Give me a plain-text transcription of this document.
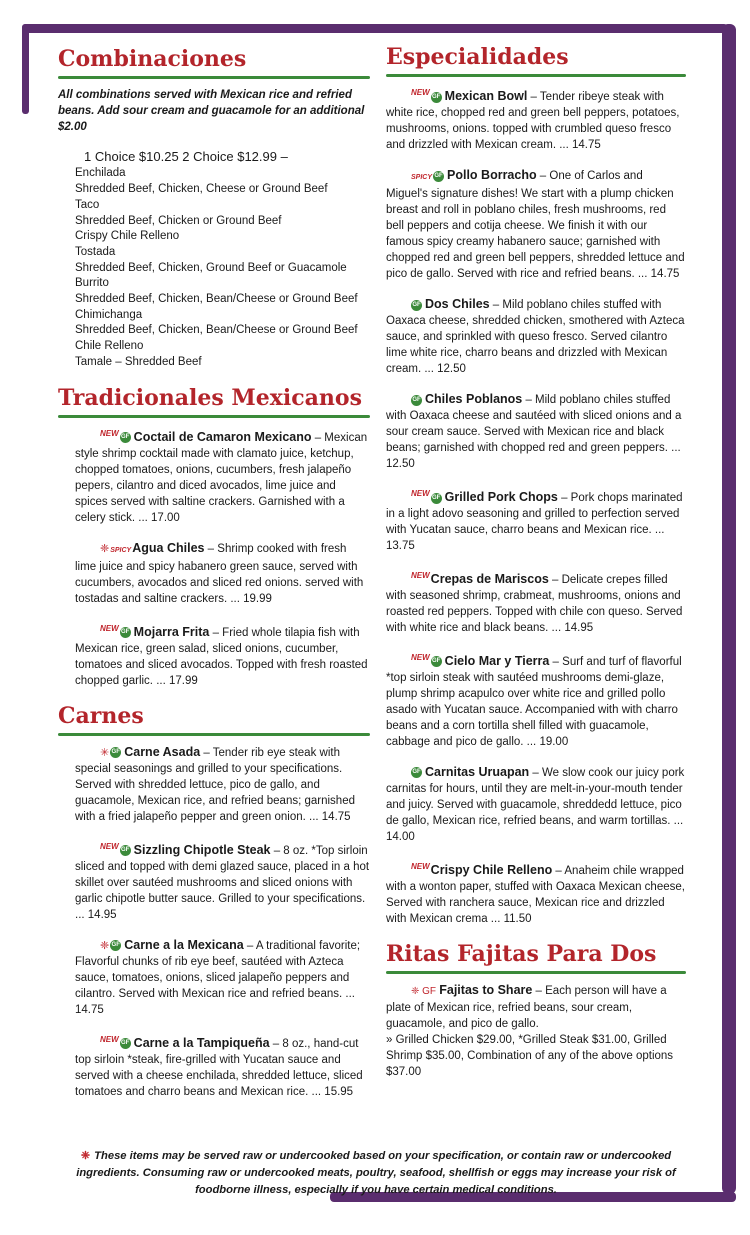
Combinaciones

All combinations served with Mexican rice and refried beans. Add sour cream and guacamole for an additional $2.00

1 Choice $10.25 2 Choice $12.99 –
Enchilada
Shredded Beef, Chicken, Cheese or Ground Beef
Taco
Shredded Beef, Chicken or Ground Beef
Crispy Chile Relleno
Tostada
Shredded Beef, Chicken, Ground Beef or Guacamole
Burrito
Shredded Beef, Chicken, Bean/Cheese or Ground Beef
Chimichanga
Shredded Beef, Chicken, Bean/Cheese or Ground Beef
Chile Relleno
Tamale – Shredded Beef
Tradicionales Mexicanos
$^{NEW}$ GF Coctail de Camaron Mexicano – Mexican style shrimp cocktail made with clamato juice, ketchup, chopped tomatoes, onions, cucumbers, fresh jalapeño pepers, cilantro and diced avocados, lime juice and spices served with saltine crackers. Garnished with a celery stick. ... 17.00
❈SPICYAgua Chiles – Shrimp cooked with fresh lime juice and spicy habanero green sauce, served with cucumbers, avocados and sliced red onions. served with tostadas and saltine crackers. ... 19.99
$^{NEW}$ GF Mojarra Frita – Fried whole tilapia fish with Mexican rice, green salad, sliced onions, cucumber, tomatoes and sliced avocados. Topped with fresh roasted chopped garlic. ... 17.99
Carnes
✳ GF Carne Asada – Tender rib eye steak with special seasonings and grilled to your specifications. Served with shredded lettuce, pico de gallo, and guacamole, Mexican rice, and refried beans; garnished with a fried jalapeño pepper and green onion. ... 14.75
$^{NEW}$ GF Sizzling Chipotle Steak – 8 oz. *Top sirloin sliced and topped with demi glazed sauce, placed in a hot skillet over sautéed mushrooms and sliced onions with garlic chipotle butter sauce. Grilled to your specifications. ... 14.95
❈ GF Carne a la Mexicana – A traditional favorite; Flavorful chunks of rib eye beef, sautéed with Azteca sauce, tomatoes, onions, sliced jalapeño peppers and cilantro. Served with Mexican rice and refried beans. ... 14.75
$^{NEW}$ GF Carne a la Tampiqueña – 8 oz., hand-cut top sirloin *steak, fire-grilled with Yucatan sauce and served with a cheese enchilada, shredded lettuce, sliced tomatoes and charro beans and Mexican rice. ... 15.95
Especialidades
$^{NEW}$ GF Mexican Bowl – Tender ribeye steak with white rice, chopped red and green bell peppers, potatoes, mushrooms, onions. topped with crumbled queso fresco and drizzled with Mexican cream. ... 14.75
SPICY GF Pollo Borracho – One of Carlos and Miguel's signature dishes! We start with a plump chicken breast and roll in poblano chiles, fresh mushrooms, red bell peppers and cotija cheese. We finish it with our famous spicy creamy habanero sauce; garnished with chopped red and green bell peppers, shredded lettuce and pico de gallo. Served with rice and refried beans. ... 14.75
GF Dos Chiles – Mild poblano chiles stuffed with Oaxaca cheese, shredded chicken, smothered with Azteca sauce, and sprinkled with queso fresco. Served cilantro lime white rice, charro beans and drizzled with Mexican cream. ... 12.50
GF Chiles Poblanos – Mild poblano chiles stuffed with Oaxaca cheese and sautéed with sliced onions and a sour cream sauce. Served with Mexican rice and black beans; garnished with chopped red and green peppers. ... 12.50
$^{NEW}$ GF Grilled Pork Chops – Pork chops marinated in a light adovo seasoning and grilled to perfection served with Yucatan sauce, charro beans and Mexican rice. ... 13.75
$^{NEW}$Crepas de Mariscos – Delicate crepes filled with seasoned shrimp, crabmeat, mushrooms, onions and roasted red peppers. Topped with chile con queso. Served with white rice and black beans. ... 14.95
$^{NEW}$ GF Cielo Mar y Tierra – Surf and turf of flavorful *top sirloin steak with sautéed mushrooms demi-glaze, plump shrimp acapulco over white rice and grilled pollo asado with Yucatan sauce. Accompanied with with charro beans and a corn tortilla shell filled with guacamole, cabbage and pico de gallo. ... 19.00
GF Carnitas Uruapan – We slow cook our juicy pork carnitas for hours, until they are melt-in-your-mouth tender and juicy. Served with guacamole, shreddedd lettuce, pico de gallo, Mexican rice, refried beans, and warm tortillas. ... 14.00
$^{NEW}$Crispy Chile Relleno – Anaheim chile wrapped with a wonton paper, stuffed with Oaxaca Mexican cheese, Served with ranchera sauce, Mexican rice and drizzled with Mexican crema ... 11.50
Ritas Fajitas Para Dos
❈ GF Fajitas to Share – Each person will have a plate of Mexican rice, refried beans, sour cream, guacamole, and pico de gallo.
» Grilled Chicken $29.00, *Grilled Steak $31.00, Grilled Shrimp $35.00, Combination of any of the above options $37.00
❈ These items may be served raw or undercooked based on your specification, or contain raw or undercooked ingredients. Consuming raw or undercooked meats, poultry, seafood, shellfish or eggs may increase your risk of foodborne illness, especially if you have certain medical conditions.
